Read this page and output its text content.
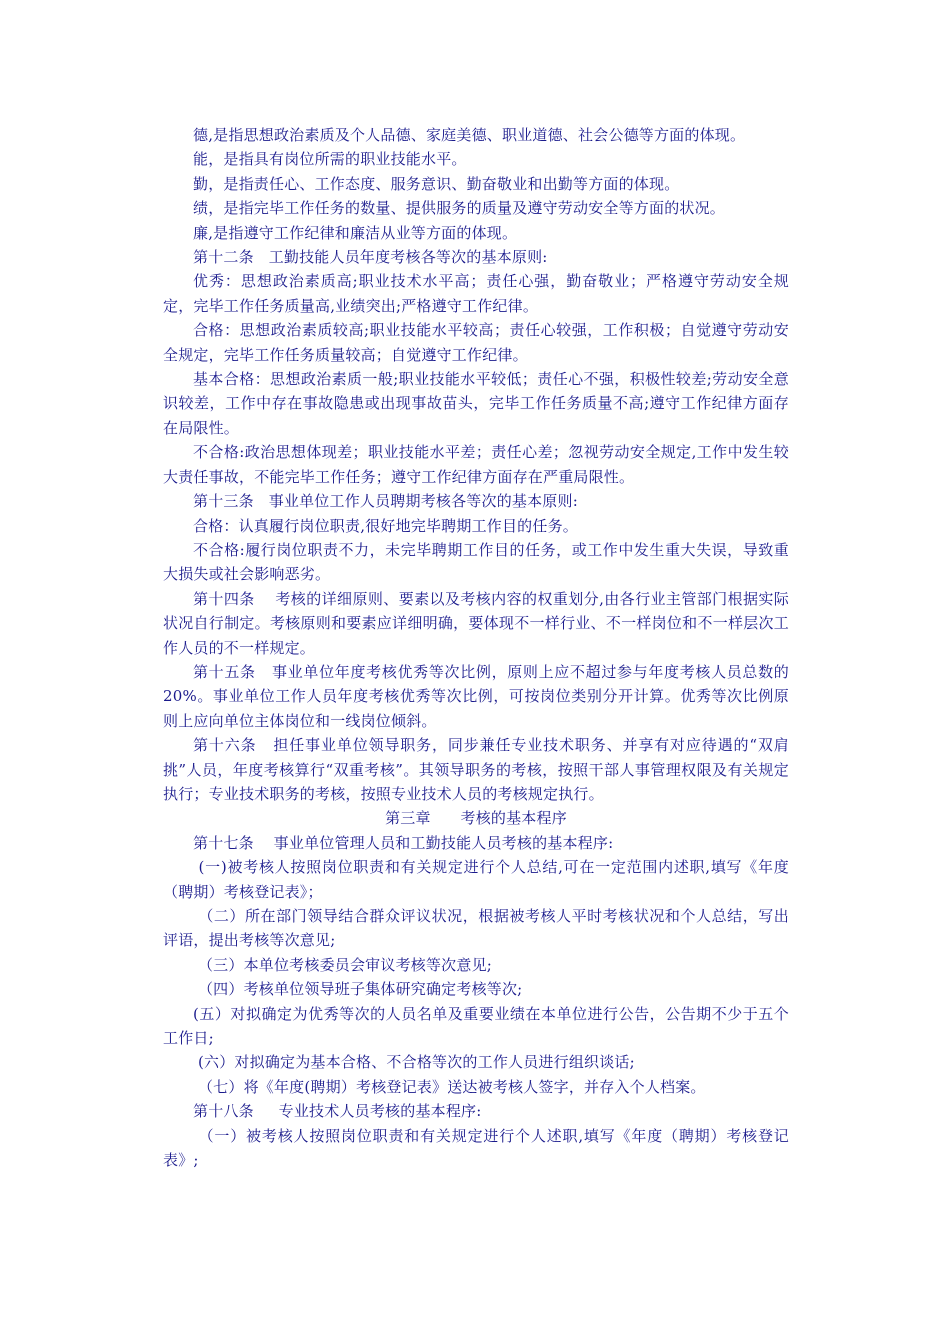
德,是指思想政治素质及个人品德、家庭美德、职业道德、社会公德等方面的体现。

能，是指具有岗位所需的职业技能水平。

勤，是指责任心、工作态度、服务意识、勤奋敬业和出勤等方面的体现。

绩，是指完毕工作任务的数量、提供服务的质量及遵守劳动安全等方面的状况。

廉,是指遵守工作纪律和廉洁从业等方面的体现。

第十二条   工勤技能人员年度考核各等次的基本原则:

优秀：思想政治素质高;职业技术水平高；责任心强，勤奋敬业；严格遵守劳动安全规定，完毕工作任务质量高,业绩突出;严格遵守工作纪律。

合格：思想政治素质较高;职业技能水平较高；责任心较强，工作积极；自觉遵守劳动安全规定，完毕工作任务质量较高；自觉遵守工作纪律。

基本合格：思想政治素质一般;职业技能水平较低；责任心不强，积极性较差;劳动安全意识较差，工作中存在事故隐患或出现事故苗头，完毕工作任务质量不高;遵守工作纪律方面存在局限性。

不合格:政治思想体现差；职业技能水平差；责任心差；忽视劳动安全规定,工作中发生较大责任事故，不能完毕工作任务；遵守工作纪律方面存在严重局限性。

第十三条   事业单位工作人员聘期考核各等次的基本原则:

合格：认真履行岗位职责,很好地完毕聘期工作目的任务。

不合格:履行岗位职责不力，未完毕聘期工作目的任务，或工作中发生重大失误，导致重大损失或社会影响恶劣。

第十四条    考核的详细原则、要素以及考核内容的权重划分,由各行业主管部门根据实际状况自行制定。考核原则和要素应详细明确，要体现不一样行业、不一样岗位和不一样层次工作人员的不一样规定。

第十五条   事业单位年度考核优秀等次比例，原则上应不超过参与年度考核人员总数的20%。事业单位工作人员年度考核优秀等次比例，可按岗位类别分开计算。优秀等次比例原则上应向单位主体岗位和一线岗位倾斜。

第十六条   担任事业单位领导职务，同步兼任专业技术职务、并享有对应待遇的“双肩挑”人员，年度考核算行“双重考核”。其领导职务的考核，按照干部人事管理权限及有关规定执行；专业技术职务的考核，按照专业技术人员的考核规定执行。

第三章      考核的基本程序

第十七条    事业单位管理人员和工勤技能人员考核的基本程序:

(一)被考核人按照岗位职责和有关规定进行个人总结,可在一定范围内述职,填写《年度（聘期）考核登记表》；

（二）所在部门领导结合群众评议状况，根据被考核人平时考核状况和个人总结，写出评语，提出考核等次意见;

（三）本单位考核委员会审议考核等次意见;

（四）考核单位领导班子集体研究确定考核等次;

(五）对拟确定为优秀等次的人员名单及重要业绩在本单位进行公告，公告期不少于五个工作日;

(六）对拟确定为基本合格、不合格等次的工作人员进行组织谈话;

（七）将《年度(聘期）考核登记表》送达被考核人签字，并存入个人档案。

第十八条     专业技术人员考核的基本程序:

（一）被考核人按照岗位职责和有关规定进行个人述职,填写《年度（聘期）考核登记表》;
